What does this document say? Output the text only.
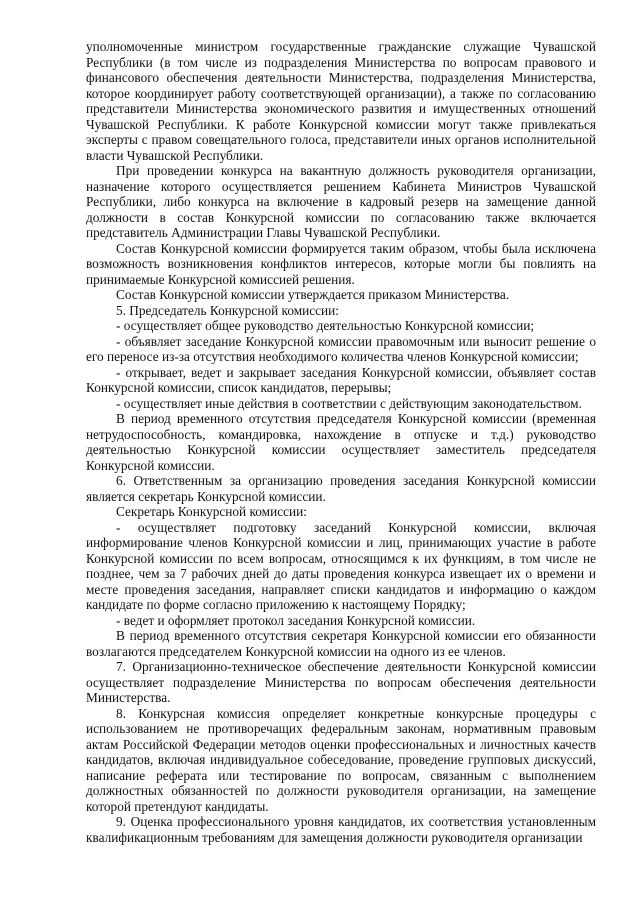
уполномоченные министром государственные гражданские служащие Чувашской Республики (в том числе из подразделения Министерства по вопросам правового и финансового обеспечения деятельности Министерства, подразделения Министерства, которое координирует работу соответствующей организации), а также по согласованию представители Министерства экономического развития и имущественных отношений Чувашской Республики. К работе Конкурсной комиссии могут также привлекаться эксперты с правом совещательного голоса, представители иных органов исполнительной власти Чувашской Республики.

При проведении конкурса на вакантную должность руководителя организации, назначение которого осуществляется решением Кабинета Министров Чувашской Республики, либо конкурса на включение в кадровый резерв на замещение данной должности в состав Конкурсной комиссии по согласованию также включается представитель Администрации Главы Чувашской Республики.

Состав Конкурсной комиссии формируется таким образом, чтобы была исключена возможность возникновения конфликтов интересов, которые могли бы повлиять на принимаемые Конкурсной комиссией решения.

Состав Конкурсной комиссии утверждается приказом Министерства.

5. Председатель Конкурсной комиссии:

- осуществляет общее руководство деятельностью Конкурсной комиссии;

- объявляет заседание Конкурсной комиссии правомочным или выносит решение о его переносе из-за отсутствия необходимого количества членов Конкурсной комиссии;

- открывает, ведет и закрывает заседания Конкурсной комиссии, объявляет состав Конкурсной комиссии, список кандидатов, перерывы;

- осуществляет иные действия в соответствии с действующим законодательством.

В период временного отсутствия председателя Конкурсной комиссии (временная нетрудоспособность, командировка, нахождение в отпуске и т.д.) руководство деятельностью Конкурсной комиссии осуществляет заместитель председателя Конкурсной комиссии.

6. Ответственным за организацию проведения заседания Конкурсной комиссии является секретарь Конкурсной комиссии.

Секретарь Конкурсной комиссии:

- осуществляет подготовку заседаний Конкурсной комиссии, включая информирование членов Конкурсной комиссии и лиц, принимающих участие в работе Конкурсной комиссии по всем вопросам, относящимся к их функциям, в том числе не позднее, чем за 7 рабочих дней до даты проведения конкурса извещает их о времени и месте проведения заседания, направляет списки кандидатов и информацию о каждом кандидате по форме согласно приложению к настоящему Порядку;

- ведет и оформляет протокол заседания Конкурсной комиссии.

В период временного отсутствия секретаря Конкурсной комиссии его обязанности возлагаются председателем Конкурсной комиссии на одного из ее членов.

7. Организационно-техническое обеспечение деятельности Конкурсной комиссии осуществляет подразделение Министерства по вопросам обеспечения деятельности Министерства.

8. Конкурсная комиссия определяет конкретные конкурсные процедуры с использованием не противоречащих федеральным законам, нормативным правовым актам Российской Федерации методов оценки профессиональных и личностных качеств кандидатов, включая индивидуальное собеседование, проведение групповых дискуссий, написание реферата или тестирование по вопросам, связанным с выполнением должностных обязанностей по должности руководителя организации, на замещение которой претендуют кандидаты.

9. Оценка профессионального уровня кандидатов, их соответствия установленным квалификационным требованиям для замещения должности руководителя организации
